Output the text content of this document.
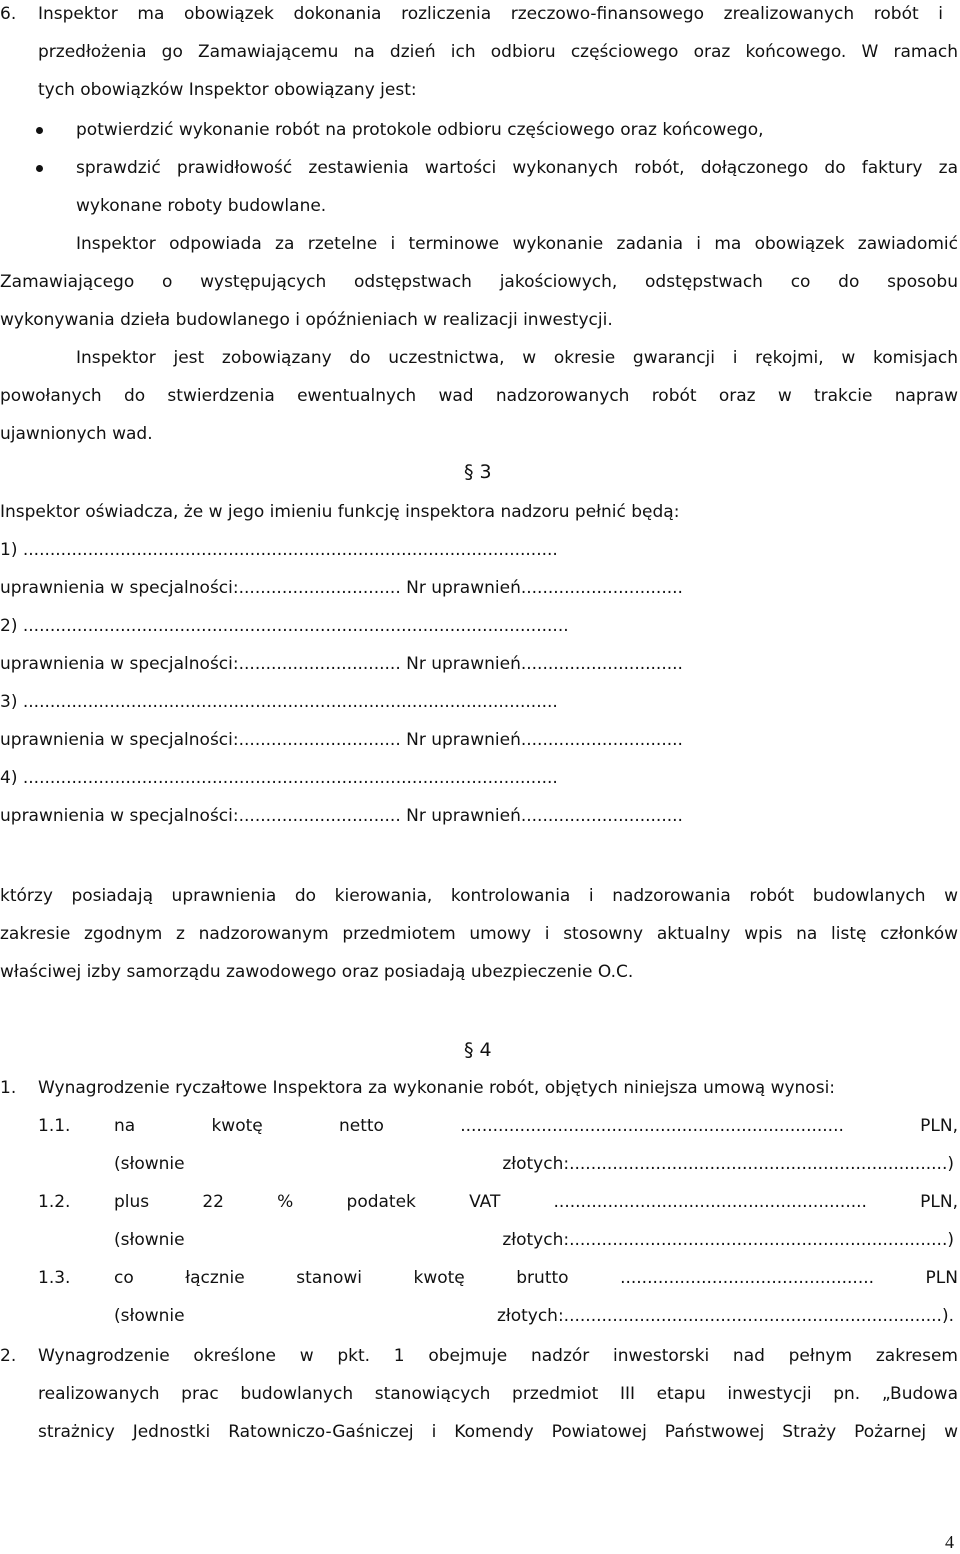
6. Inspektor ma obowiązek dokonania rozliczenia rzeczowo-finansowego zrealizowanych robót i
przedłożenia go Zamawiającemu na dzień ich odbioru częściowego oraz końcowego. W ramach
tych obowiązków Inspektor obowiązany jest:
potwierdzić wykonanie robót na protokole odbioru częściowego oraz końcowego,
sprawdzić prawidłowość zestawienia wartości wykonanych robót, dołączonego do faktury za
wykonane roboty budowlane.
Inspektor odpowiada za rzetelne i terminowe wykonanie zadania i ma obowiązek zawiadomić
Zamawiającego o występujących odstępstwach jakościowych, odstępstwach co do sposobu
wykonywania dzieła budowlanego i opóźnieniach w realizacji inwestycji.
Inspektor jest zobowiązany do uczestnictwa, w okresie gwarancji i rękojmi, w komisjach
powołanych do stwierdzenia ewentualnych wad nadzorowanych robót oraz w trakcie napraw
ujawnionych wad.
§ 3
Inspektor oświadcza, że w jego imieniu funkcję inspektora nadzoru pełnić będą:
1) ...................................................................................................
uprawnienia w specjalności:.............................. Nr uprawnień..............................
2) .....................................................................................................
uprawnienia w specjalności:.............................. Nr uprawnień..............................
3) ...................................................................................................
uprawnienia w specjalności:.............................. Nr uprawnień..............................
4) ...................................................................................................
uprawnienia w specjalności:.............................. Nr uprawnień..............................
którzy posiadają uprawnienia do kierowania, kontrolowania i nadzorowania robót budowlanych w
zakresie zgodnym z nadzorowanym przedmiotem umowy i stosowny aktualny wpis na listę członków
właściwej izby samorządu zawodowego oraz posiadają ubezpieczenie O.C.
§ 4
1. Wynagrodzenie ryczałtowe Inspektora za wykonanie robót, objętych niniejsza umową wynosi:
1.1.	na kwotę netto ....................................................................... PLN,
(słownie złotych:......................................................................)
1.2.	plus 22 % podatek VAT .......................................................... PLN,
(słownie złotych:......................................................................)
1.3.	co łącznie stanowi kwotę brutto ............................................... PLN
(słownie złotych:......................................................................).
2. Wynagrodzenie określone w pkt. 1 obejmuje nadzór inwestorski nad pełnym zakresem
realizowanych prac budowlanych stanowiących przedmiot III etapu inwestycji pn. „Budowa
strażnicy Jednostki Ratowniczo-Gaśniczej i Komendy Powiatowej Państwowej Straży Pożarnej w
4
